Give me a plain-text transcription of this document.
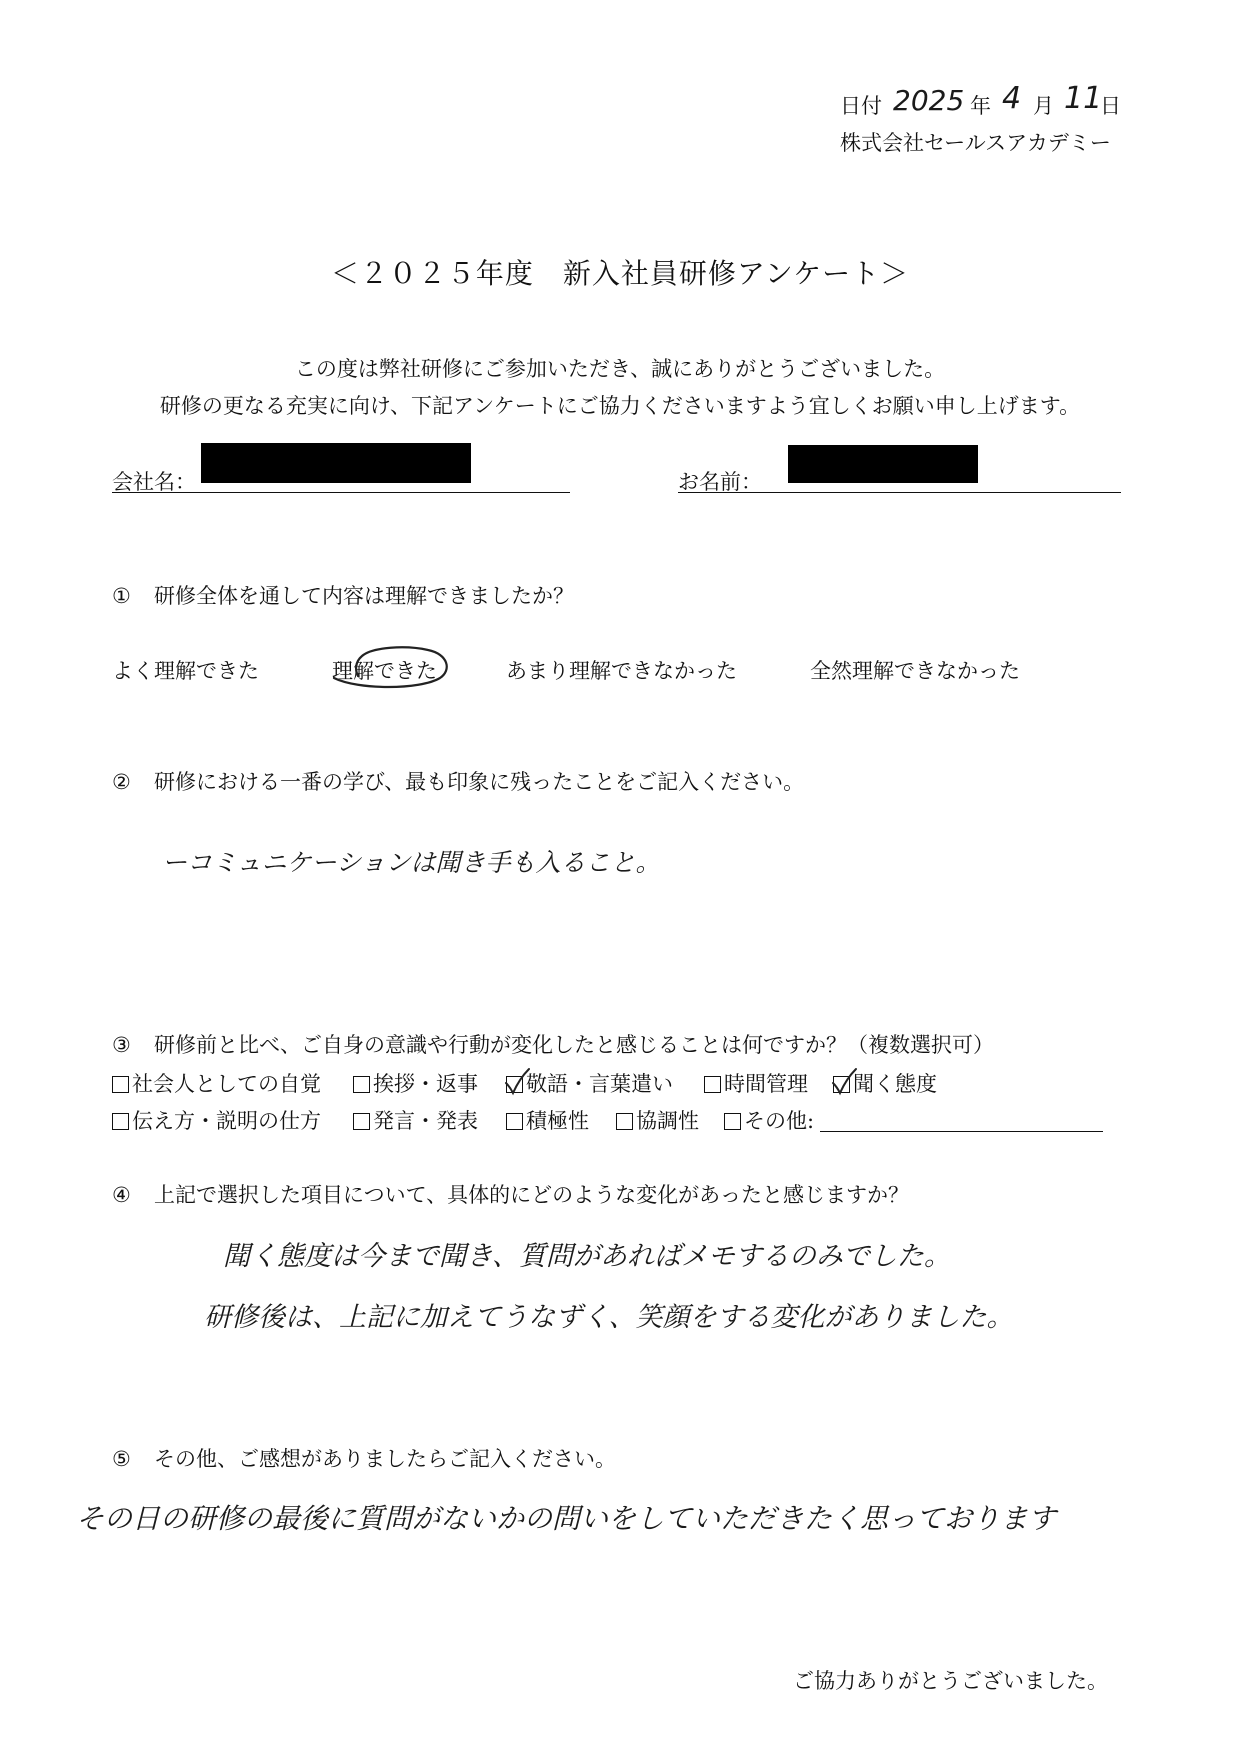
日付 2025 年 4 月 11
日
株式会社セールスアカデミー
＜２０２５年度　新入社員研修アンケート＞
この度は弊社研修にご参加いただき、誠にありがとうございました。
研修の更なる充実に向け、下記アンケートにご協力くださいますよう宜しくお願い申し上げます。
会社名：	お名前：
① 研修全体を通して内容は理解できましたか？
よく理解できた	理解できた	あまり理解できなかった	全然理解できなかった
② 研修における一番の学び、最も印象に残ったことをご記入ください。
ーコミュニケーションは聞き手も入ること。
③ 研修前と比べ、ご自身の意識や行動が変化したと感じることは何ですか？（複数選択可）
社会人としての自覚	挨拶・返事	敬語・言葉遣い	時間管理	聞く態度
伝え方・説明の仕方	発言・発表	積極性	協調性	その他:
④ 上記で選択した項目について、具体的にどのような変化があったと感じますか？
聞く態度は今まで聞き、質問があればメモするのみでした。
研修後は、上記に加えてうなずく、笑顔をする変化がありました。
⑤ その他、ご感想がありましたらご記入ください。
その日の研修の最後に質問がないかの問いをしていただきたく思っております
ご協力ありがとうございました。
